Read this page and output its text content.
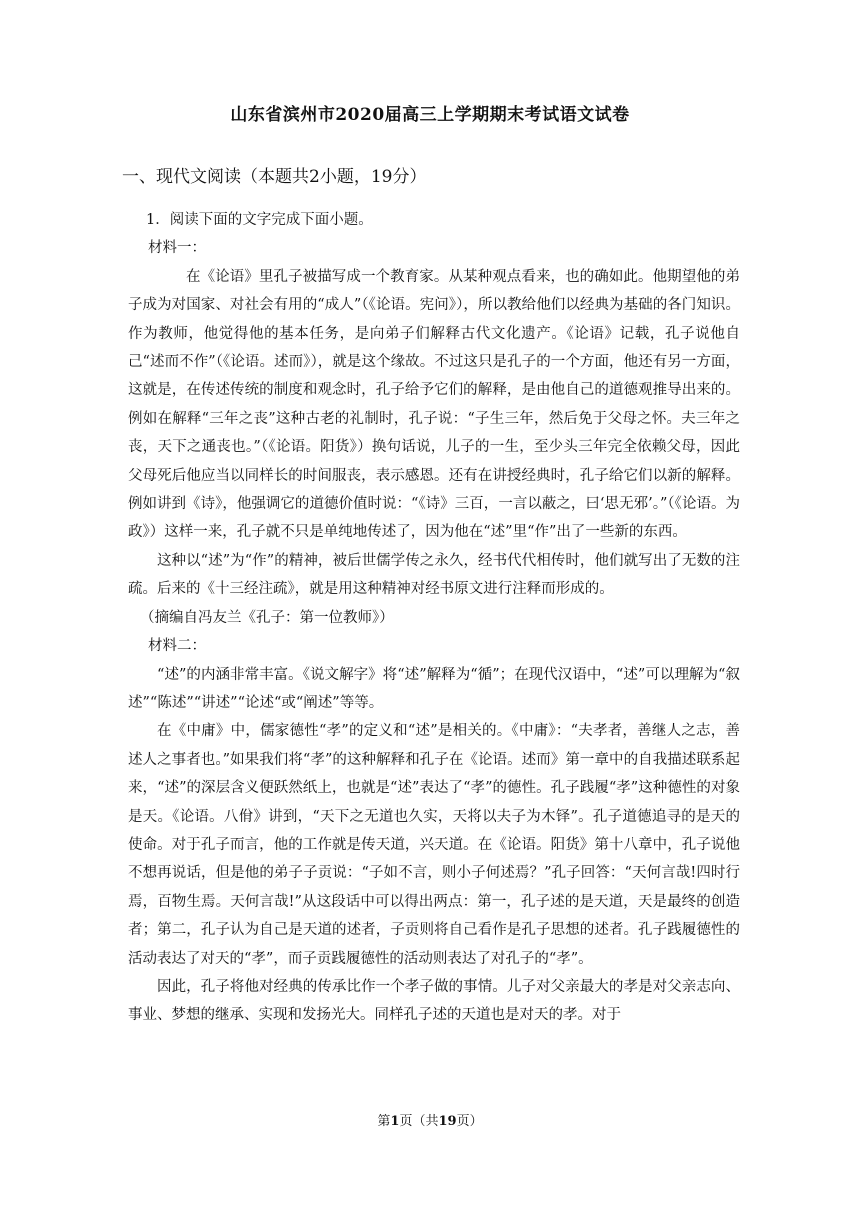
山东省滨州市2020届高三上学期期末考试语文试卷
一、现代文阅读（本题共2小题，19分）

1．阅读下面的文字完成下面小题。

材料一：

在《论语》里孔子被描写成一个教育家。从某种观点看来，也的确如此。他期望他的弟子成为对国家、对社会有用的“成人”（《论语。宪问》），所以教给他们以经典为基础的各门知识。作为教师，他觉得他的基本任务，是向弟子们解释古代文化遗产。《论语》记载，孔子说他自己“述而不作”（《论语。述而》），就是这个缘故。不过这只是孔子的一个方面，他还有另一方面，这就是，在传述传统的制度和观念时，孔子给予它们的解释，是由他自己的道德观推导出来的。例如在解释“三年之丧”这种古老的礼制时，孔子说：“子生三年，然后免于父母之怀。夫三年之丧，天下之通丧也。”（《论语。阳货》）换句话说，儿子的一生，至少头三年完全依赖父母，因此父母死后他应当以同样长的时间服丧，表示感恩。还有在讲授经典时，孔子给它们以新的解释。例如讲到《诗》，他强调它的道德价值时说：“《诗》三百，一言以蔽之，曰‘思无邪’。”（《论语。为政》）这样一来，孔子就不只是单纯地传述了，因为他在“述”里“作”出了一些新的东西。

这种以“述”为“作”的精神，被后世儒学传之永久，经书代代相传时，他们就写出了无数的注疏。后来的《十三经注疏》，就是用这种精神对经书原文进行注释而形成的。

（摘编自冯友兰《孔子：第一位教师》）

材料二：

“述”的内涵非常丰富。《说文解字》将“述”解释为“循”；在现代汉语中，“述”可以理解为“叙述”“陈述”“讲述”“论述“或“阐述”等等。

在《中庸》中，儒家德性“孝”的定义和“述”是相关的。《中庸》：“夫孝者，善继人之志，善述人之事者也。”如果我们将“孝”的这种解释和孔子在《论语。述而》第一章中的自我描述联系起来，“述”的深层含义便跃然纸上，也就是“述”表达了“孝”的德性。孔子践履“孝”这种德性的对象是天。《论语。八佾》讲到，“天下之无道也久实，天将以夫子为木铎”。孔子道德追寻的是天的使命。对于孔子而言，他的工作就是传天道，兴天道。在《论语。阳货》第十八章中，孔子说他不想再说话，但是他的弟子子贡说：“子如不言，则小子何述焉？”孔子回答：“天何言哉!四时行焉，百物生焉。天何言哉!”从这段话中可以得出两点：第一，孔子述的是天道，天是最终的创造者；第二，孔子认为自己是天道的述者，子贡则将自己看作是孔子思想的述者。孔子践履德性的活动表达了对天的“孝”，而子贡践履德性的活动则表达了对孔子的“孝”。

因此，孔子将他对经典的传承比作一个孝子做的事情。儿子对父亲最大的孝是对父亲志向、事业、梦想的继承、实现和发扬光大。同样孔子述的天道也是对天的孝。对于

第1页（共19页）
